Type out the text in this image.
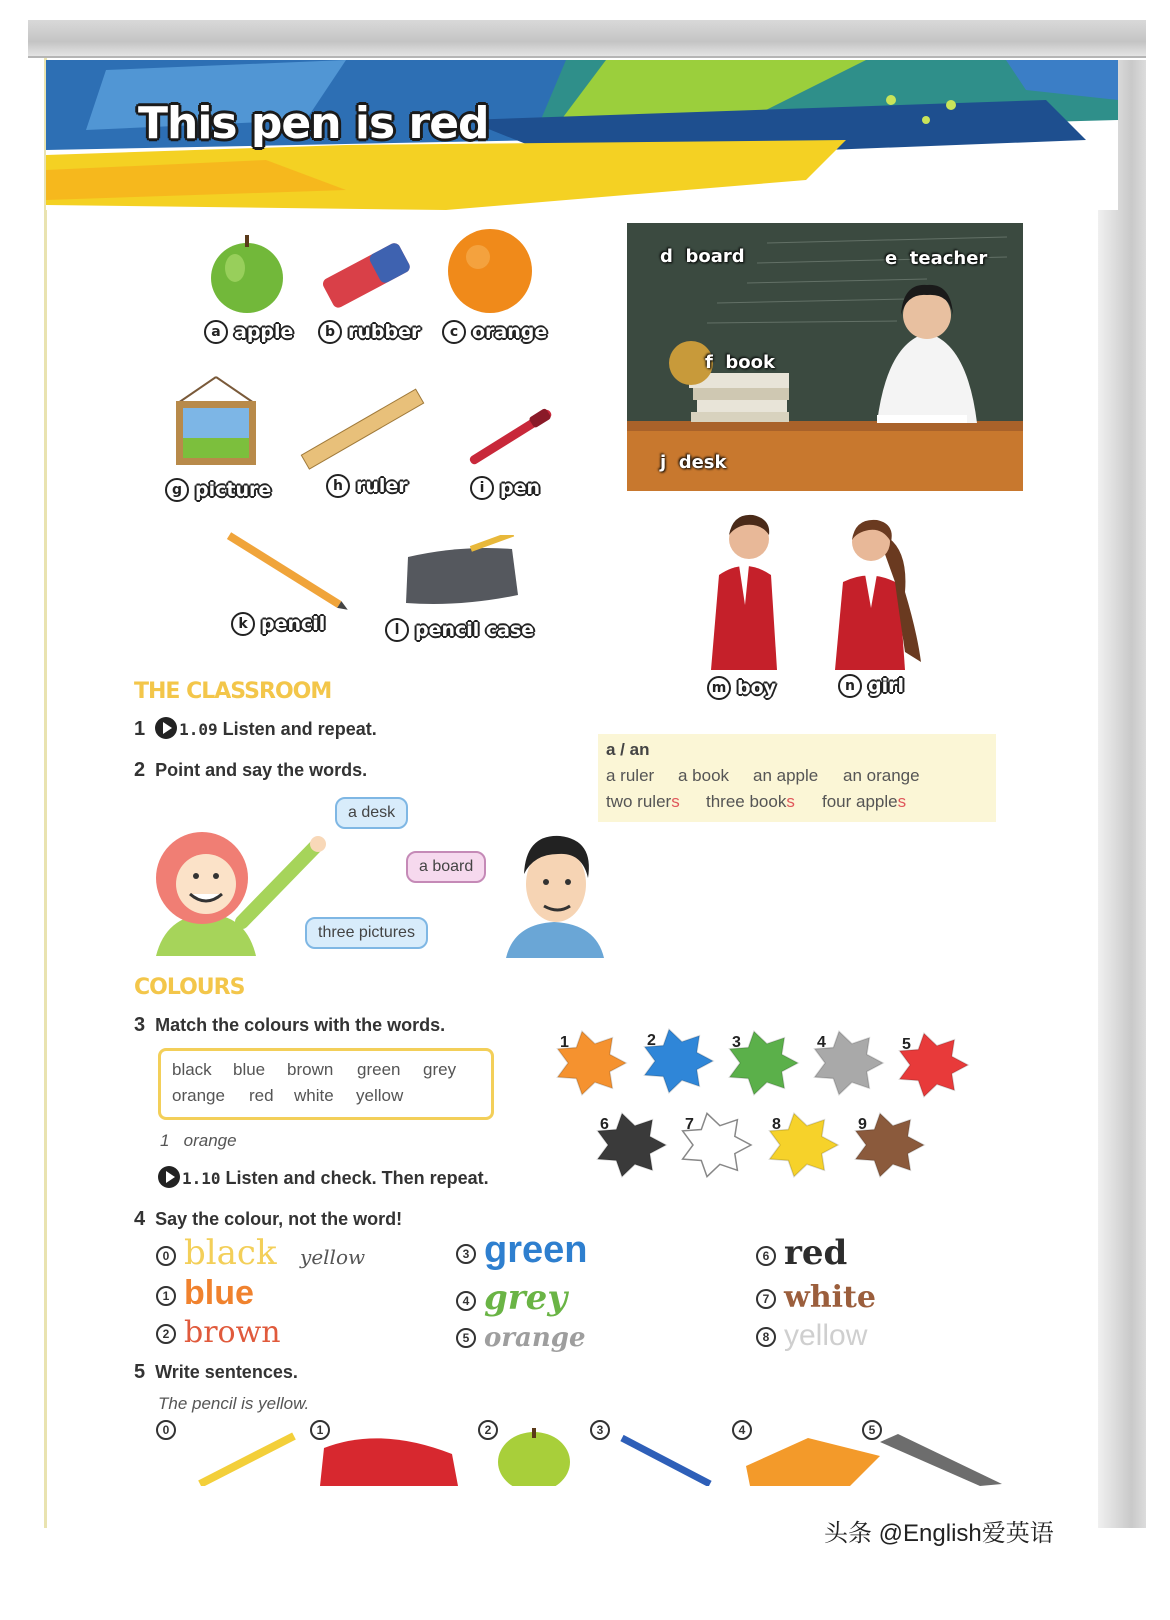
This pen is red
a apple	b rubber	c orange
g picture	h ruler	i pen
k pencil	l pencil case
d board	e teacher
f book
j desk
m boy	n girl
THE CLASSROOM
1 1.09 Listen and repeat.
2 Point and say the words.
a / an
a ruler a book an apple an orange
two rulers three books four apples
a desk
a board
three pictures
COLOURS
3 Match the colours with the words.
black blue brown green grey
orange red white yellow
1 orange
1.10 Listen and check. Then repeat.
1	2	3	4	5
6	7	8	9
4 Say the colour, not the word!
0 black yellow
1 blue
2 brown
3 green
4 grey
5 orange
6 red
7 white
8 yellow
5 Write sentences.
The pencil is yellow.
0	1	2	3	4	5
头条 @English爱英语
